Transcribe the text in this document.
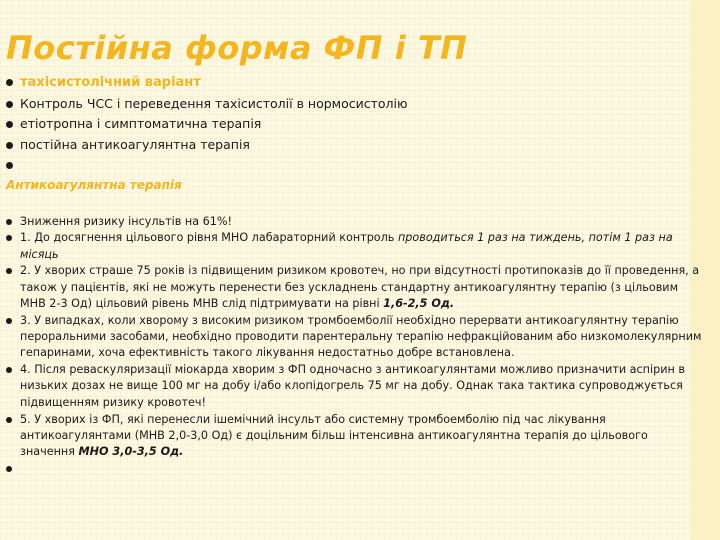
Постійна форма ФП і ТП
тахісистолічний варіант
Контроль ЧСС і переведення тахісистолії в нормосистолію
етіотропна і симптоматична терапія
постійна антикоагулянтна терапія

Антикоагулянтна терапія
Зниження ризику інсультів на 61%!
1. До досягнення цільового рівня МНО лабараторний контроль проводиться 1 раз на тиждень, потім 1 раз на місяць
2. У хворих страше 75 років із підвищеним ризиком кровотеч, но при відсутності протипоказів до її проведення, а також у пацієнтів, які не можуть перенести без ускладнень стандартну антикоагулянтну терапію (з цільовим МНВ 2-3 Од) цільовий рівень МНВ слід підтримувати на рівні 1,6-2,5 Од.
3. У випадках, коли хворому з високим ризиком тромбоемболії необхідно перервати антикоагулянтну терапію пероральними засобами, необхідно проводити парентеральну терапію нефракційованим або низкомолекулярним гепаринами, хоча ефективність такого лікування недостатньо добре встановлена.
4. Після реваскуляризації міокарда хворим з ФП одночасно з антикоагулянтами можливо призначити аспірин в низьких дозах не вище 100 мг на добу і/або клопідогрель 75 мг на добу. Однак така тактика супроводжується підвищенням ризику кровотеч!
5. У хворих із ФП, які перенесли ішемічний інсульт або системну тромбоемболію під час лікування антикоагулянтами (МНВ 2,0-3,0 Од) є доцільним більш інтенсивна антикоагулянтна терапія до цільового значення МНО 3,0-3,5 Од.
